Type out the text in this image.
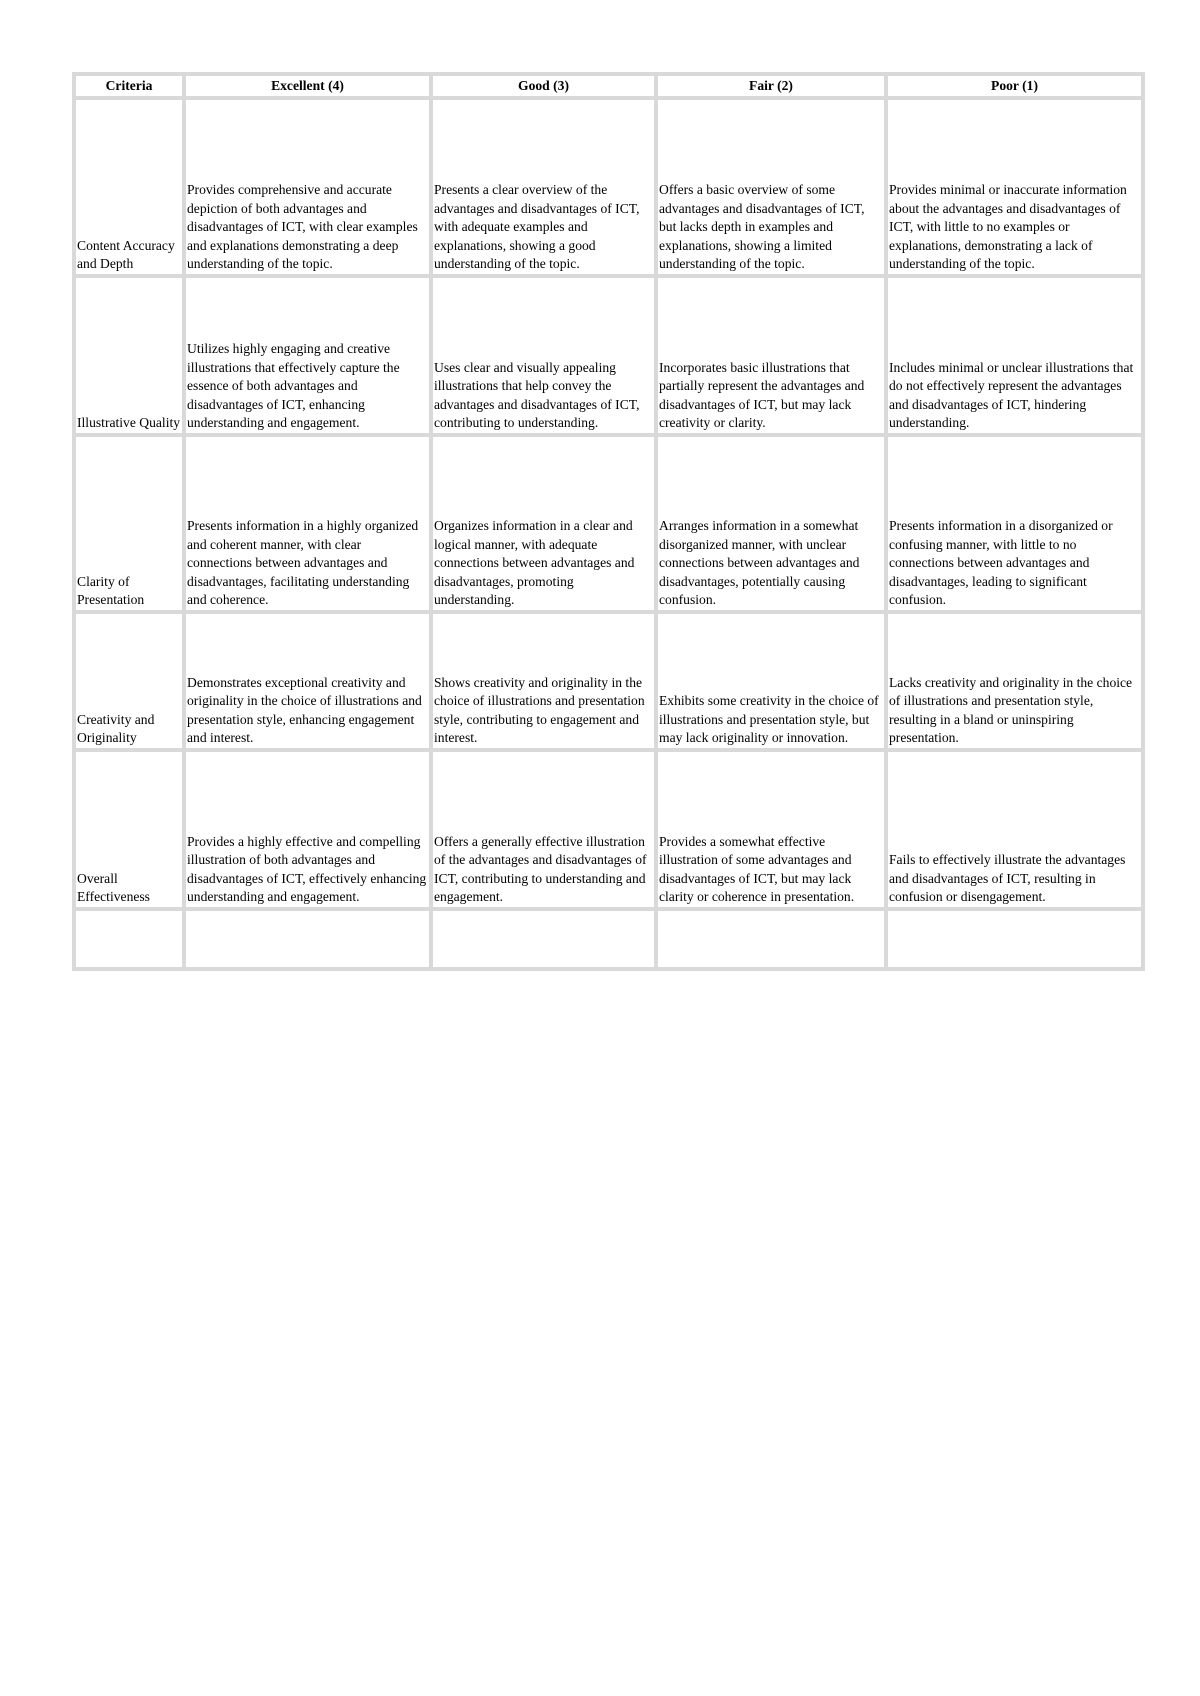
Criteria	Excellent (4)	Good (3)	Fair (2)	Poor (1)
Content Accuracy and Depth	Provides comprehensive and accurate depiction of both advantages and disadvantages of ICT, with clear examples and explanations demonstrating a deep understanding of the topic.	Presents a clear overview of the advantages and disadvantages of ICT, with adequate examples and explanations, showing a good understanding of the topic.	Offers a basic overview of some advantages and disadvantages of ICT, but lacks depth in examples and explanations, showing a limited understanding of the topic.	Provides minimal or inaccurate information about the advantages and disadvantages of ICT, with little to no examples or explanations, demonstrating a lack of understanding of the topic.
Illustrative Quality	Utilizes highly engaging and creative illustrations that effectively capture the essence of both advantages and disadvantages of ICT, enhancing understanding and engagement.	Uses clear and visually appealing illustrations that help convey the advantages and disadvantages of ICT, contributing to understanding.	Incorporates basic illustrations that partially represent the advantages and disadvantages of ICT, but may lack creativity or clarity.	Includes minimal or unclear illustrations that do not effectively represent the advantages and disadvantages of ICT, hindering understanding.
Clarity of Presentation	Presents information in a highly organized and coherent manner, with clear connections between advantages and disadvantages, facilitating understanding and coherence.	Organizes information in a clear and logical manner, with adequate connections between advantages and disadvantages, promoting understanding.	Arranges information in a somewhat disorganized manner, with unclear connections between advantages and disadvantages, potentially causing confusion.	Presents information in a disorganized or confusing manner, with little to no connections between advantages and disadvantages, leading to significant confusion.
Creativity and Originality	Demonstrates exceptional creativity and originality in the choice of illustrations and presentation style, enhancing engagement and interest.	Shows creativity and originality in the choice of illustrations and presentation style, contributing to engagement and interest.	Exhibits some creativity in the choice of illustrations and presentation style, but may lack originality or innovation.	Lacks creativity and originality in the choice of illustrations and presentation style, resulting in a bland or uninspiring presentation.
Overall Effectiveness	Provides a highly effective and compelling illustration of both advantages and disadvantages of ICT, effectively enhancing understanding and engagement.	Offers a generally effective illustration of the advantages and disadvantages of ICT, contributing to understanding and engagement.	Provides a somewhat effective illustration of some advantages and disadvantages of ICT, but may lack clarity or coherence in presentation.	Fails to effectively illustrate the advantages and disadvantages of ICT, resulting in confusion or disengagement.
